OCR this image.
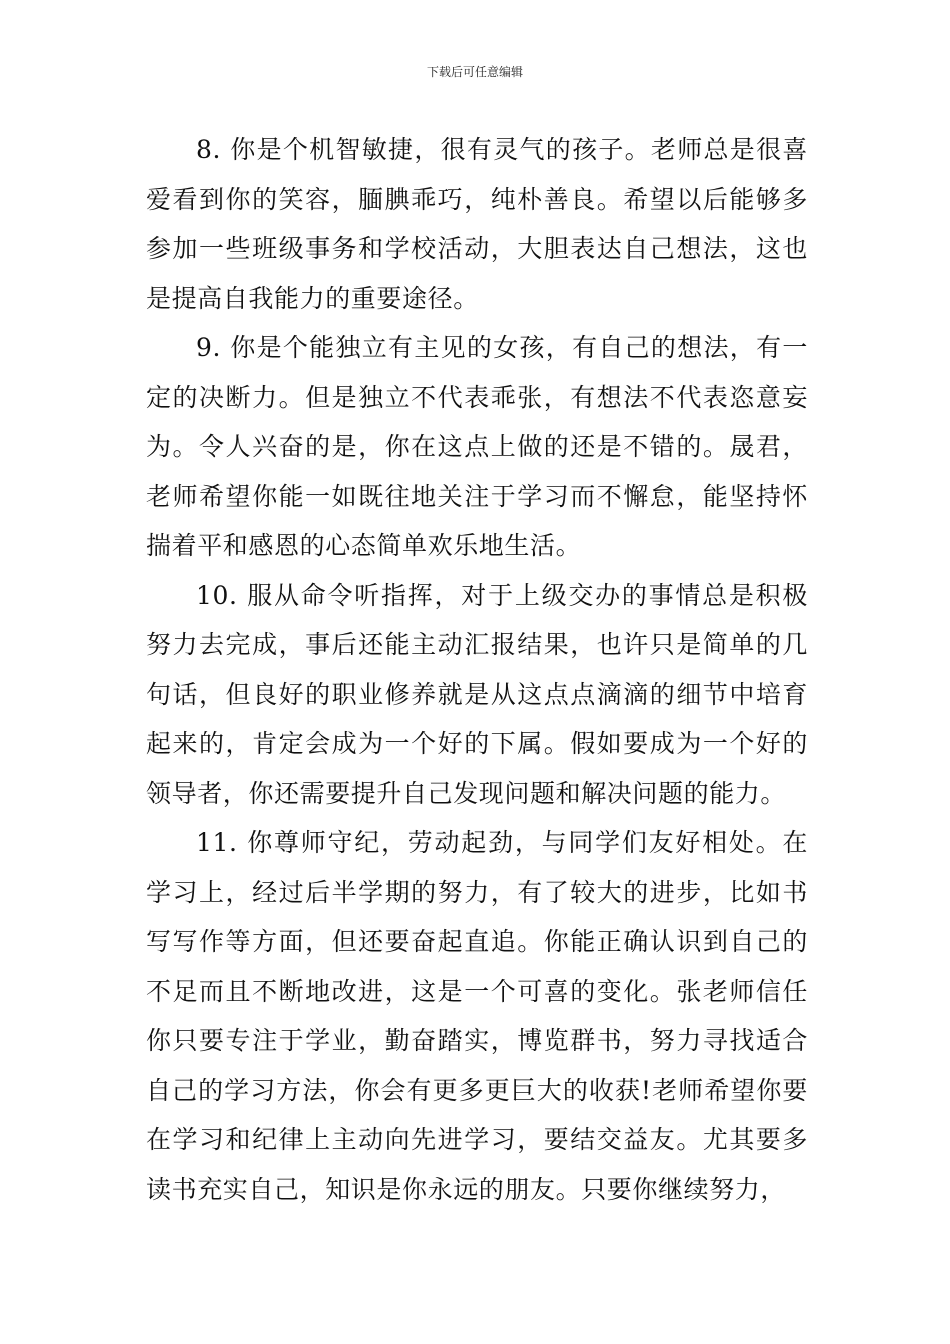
下载后可任意编辑

8. 你是个机智敏捷，很有灵气的孩子。老师总是很喜爱看到你的笑容，腼腆乖巧，纯朴善良。希望以后能够多参加一些班级事务和学校活动，大胆表达自己想法，这也是提高自我能力的重要途径。

9. 你是个能独立有主见的女孩，有自己的想法，有一定的决断力。但是独立不代表乖张，有想法不代表恣意妄为。令人兴奋的是，你在这点上做的还是不错的。晟君，老师希望你能一如既往地关注于学习而不懈怠，能坚持怀揣着平和感恩的心态简单欢乐地生活。

10. 服从命令听指挥，对于上级交办的事情总是积极努力去完成，事后还能主动汇报结果，也许只是简单的几句话，但良好的职业修养就是从这点点滴滴的细节中培育起来的，肯定会成为一个好的下属。假如要成为一个好的领导者，你还需要提升自己发现问题和解决问题的能力。

11. 你尊师守纪，劳动起劲，与同学们友好相处。在学习上，经过后半学期的努力，有了较大的进步，比如书写写作等方面，但还要奋起直追。你能正确认识到自己的不足而且不断地改进，这是一个可喜的变化。张老师信任你只要专注于学业，勤奋踏实，博览群书，努力寻找适合自己的学习方法，你会有更多更巨大的收获!老师希望你要在学习和纪律上主动向先进学习，要结交益友。尤其要多读书充实自己，知识是你永远的朋友。只要你继续努力，
